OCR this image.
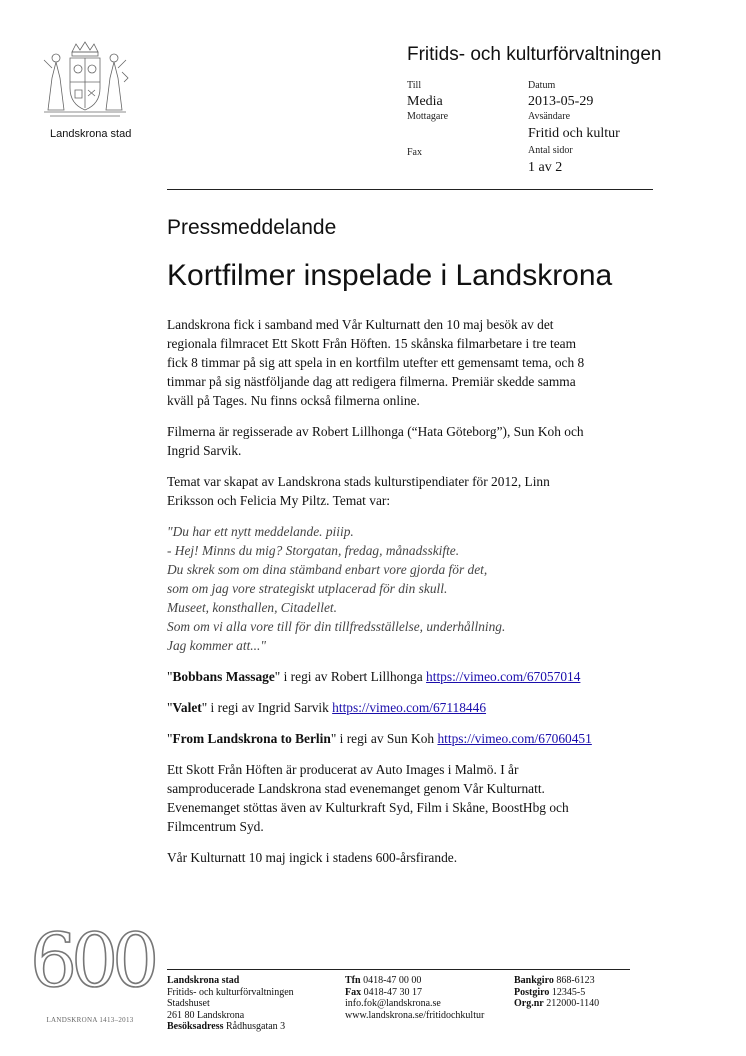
Landskrona stad
Fritids- och kulturförvaltningen
Till
Media
Mottagare
Fax
Datum
2013-05-29
Avsändare
Fritid och kultur
Antal sidor
1 av 2
Pressmeddelande
Kortfilmer inspelade i Landskrona

Landskrona fick i samband med Vår Kulturnatt den 10 maj besök av det
regionala filmracet Ett Skott Från Höften. 15 skånska filmarbetare i tre team
fick 8 timmar på sig att spela in en kortfilm utefter ett gemensamt tema, och 8
timmar på sig nästföljande dag att redigera filmerna. Premiär skedde samma
kväll på Tages. Nu finns också filmerna online.

Filmerna är regisserade av Robert Lillhonga (“Hata Göteborg”), Sun Koh och
Ingrid Sarvik.

Temat var skapat av Landskrona stads kulturstipendiater för 2012, Linn
Eriksson och Felicia My Piltz. Temat var:

"Du har ett nytt meddelande. piiip.
- Hej! Minns du mig? Storgatan, fredag, månadsskifte.
Du skrek som om dina stämband enbart vore gjorda för det,
som om jag vore strategiskt utplacerad för din skull.
Museet, konsthallen, Citadellet.
Som om vi alla vore till för din tillfredsställelse, underhållning.
Jag kommer att..."

"Bobbans Massage" i regi av Robert Lillhonga https://vimeo.com/67057014

"Valet" i regi av Ingrid Sarvik https://vimeo.com/67118446

"From Landskrona to Berlin" i regi av Sun Koh https://vimeo.com/67060451

Ett Skott Från Höften är producerat av Auto Images i Malmö. I år
samproducerade Landskrona stad evenemanget genom Vår Kulturnatt.
Evenemanget stöttas även av Kulturkraft Syd, Film i Skåne, BoostHbg och
Filmcentrum Syd.

Vår Kulturnatt 10 maj ingick i stadens 600-årsfirande.

600
LANDSKRONA 1413–2013
Landskrona stad
Fritids- och kulturförvaltningen
Stadshuset
261 80 Landskrona
Besöksadress Rådhusgatan 3
Tfn 0418-47 00 00
Fax 0418-47 30 17
info.fok@landskrona.se
www.landskrona.se/fritidochkultur
Bankgiro 868-6123
Postgiro 12345-5
Org.nr 212000-1140
